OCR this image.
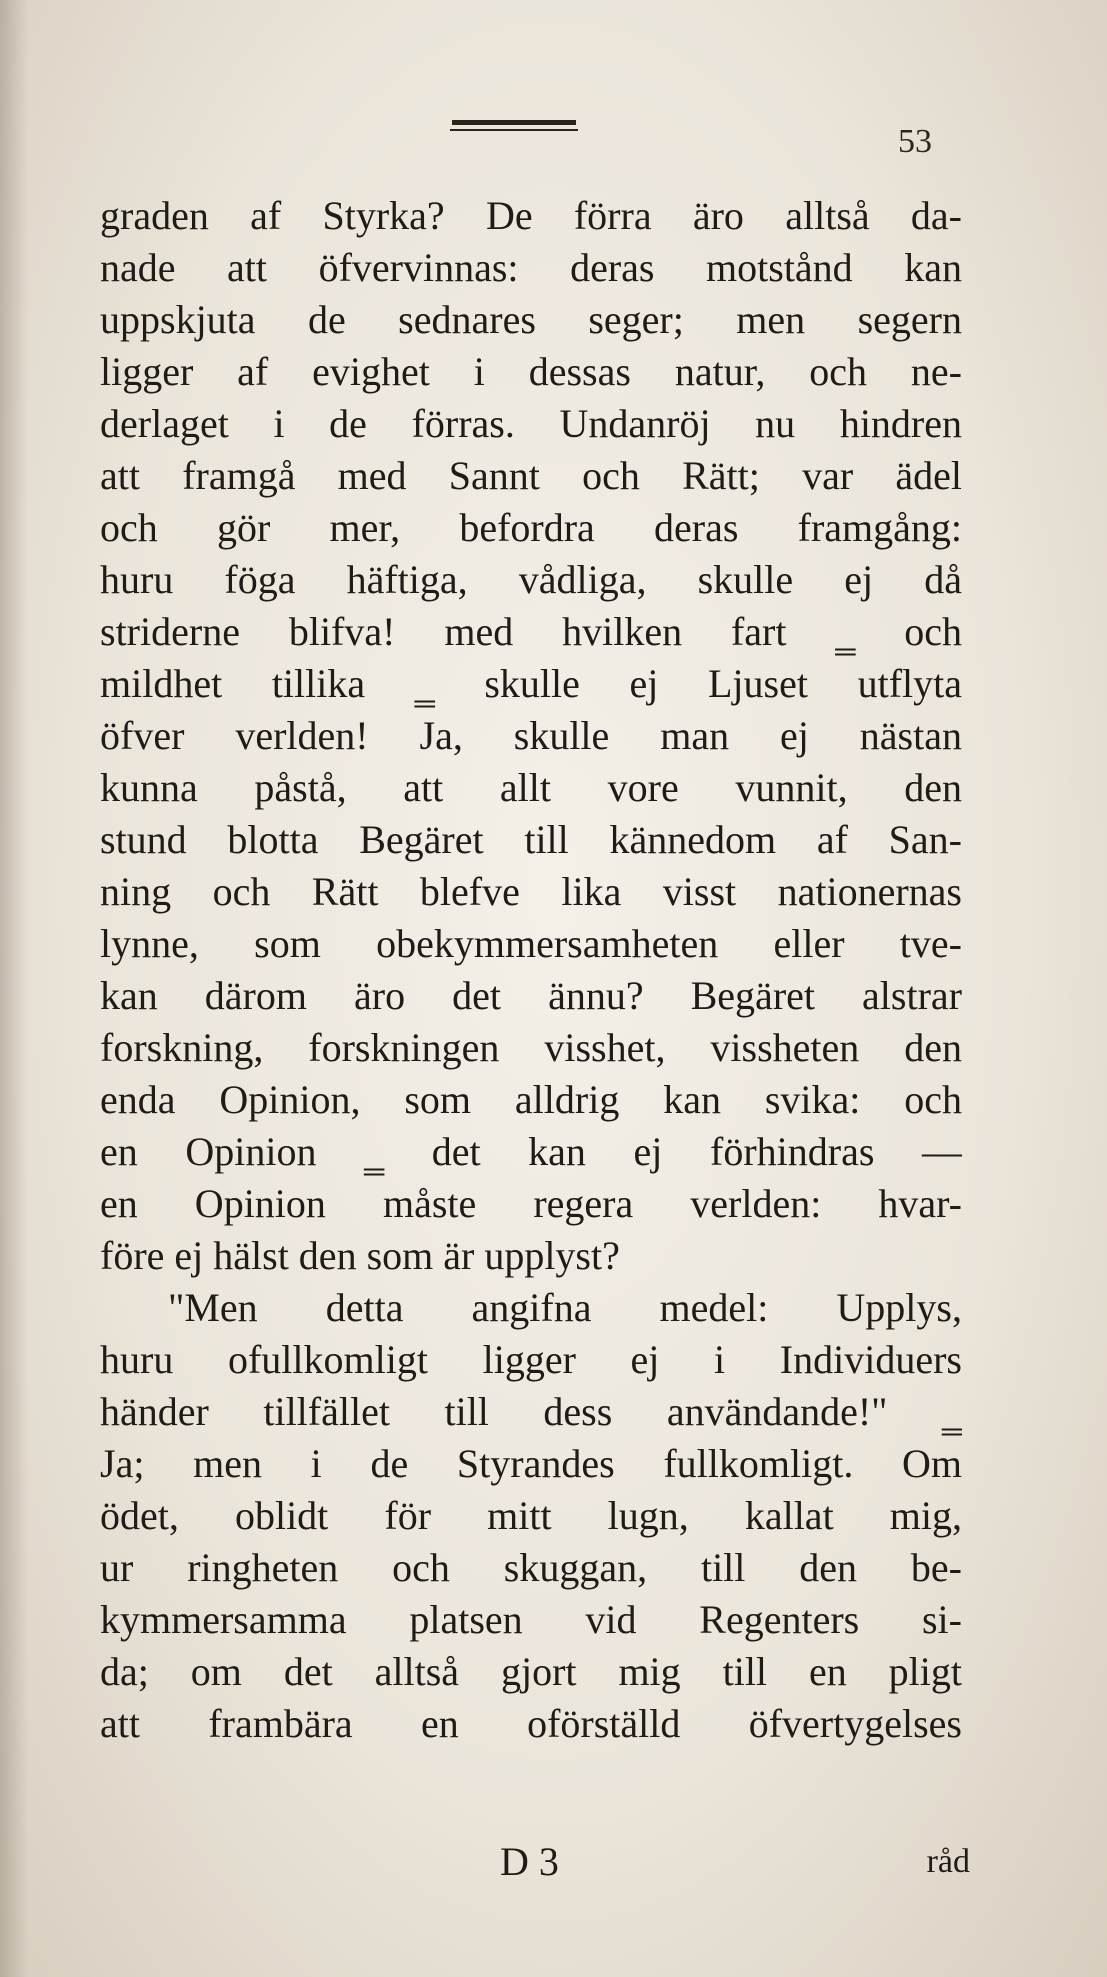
53
graden af Styrka? De förra äro alltså da-
nade att öfvervinnas: deras motstånd kan
uppskjuta de sednares seger; men segern
ligger af evighet i dessas natur, och ne-
derlaget i de förras. Undanröj nu hindren
att framgå med Sannt och Rätt; var ädel
och gör mer, befordra deras framgång:
huru föga häftiga, vådliga, skulle ej då
striderne blifva! med hvilken fart ‗ och
mildhet tillika ‗ skulle ej Ljuset utflyta
öfver verlden! Ja, skulle man ej nästan
kunna påstå, att allt vore vunnit, den
stund blotta Begäret till kännedom af San-
ning och Rätt blefve lika visst nationernas
lynne, som obekymmersamheten eller tve-
kan därom äro det ännu? Begäret alstrar
forskning, forskningen visshet, vissheten den
enda Opinion, som alldrig kan svika: och
en Opinion ‗ det kan ej förhindras —
en Opinion måste regera verlden: hvar-
före ej hälst den som är upplyst?
"Men detta angifna medel: Upplys,
huru ofullkomligt ligger ej i Individuers
händer tillfället till dess användande!" ‗
Ja; men i de Styrandes fullkomligt. Om
ödet, oblidt för mitt lugn, kallat mig,
ur ringheten och skuggan, till den be-
kymmersamma platsen vid Regenters si-
da; om det alltså gjort mig till en pligt
att frambära en oförställd öfvertygelses
D 3	råd
